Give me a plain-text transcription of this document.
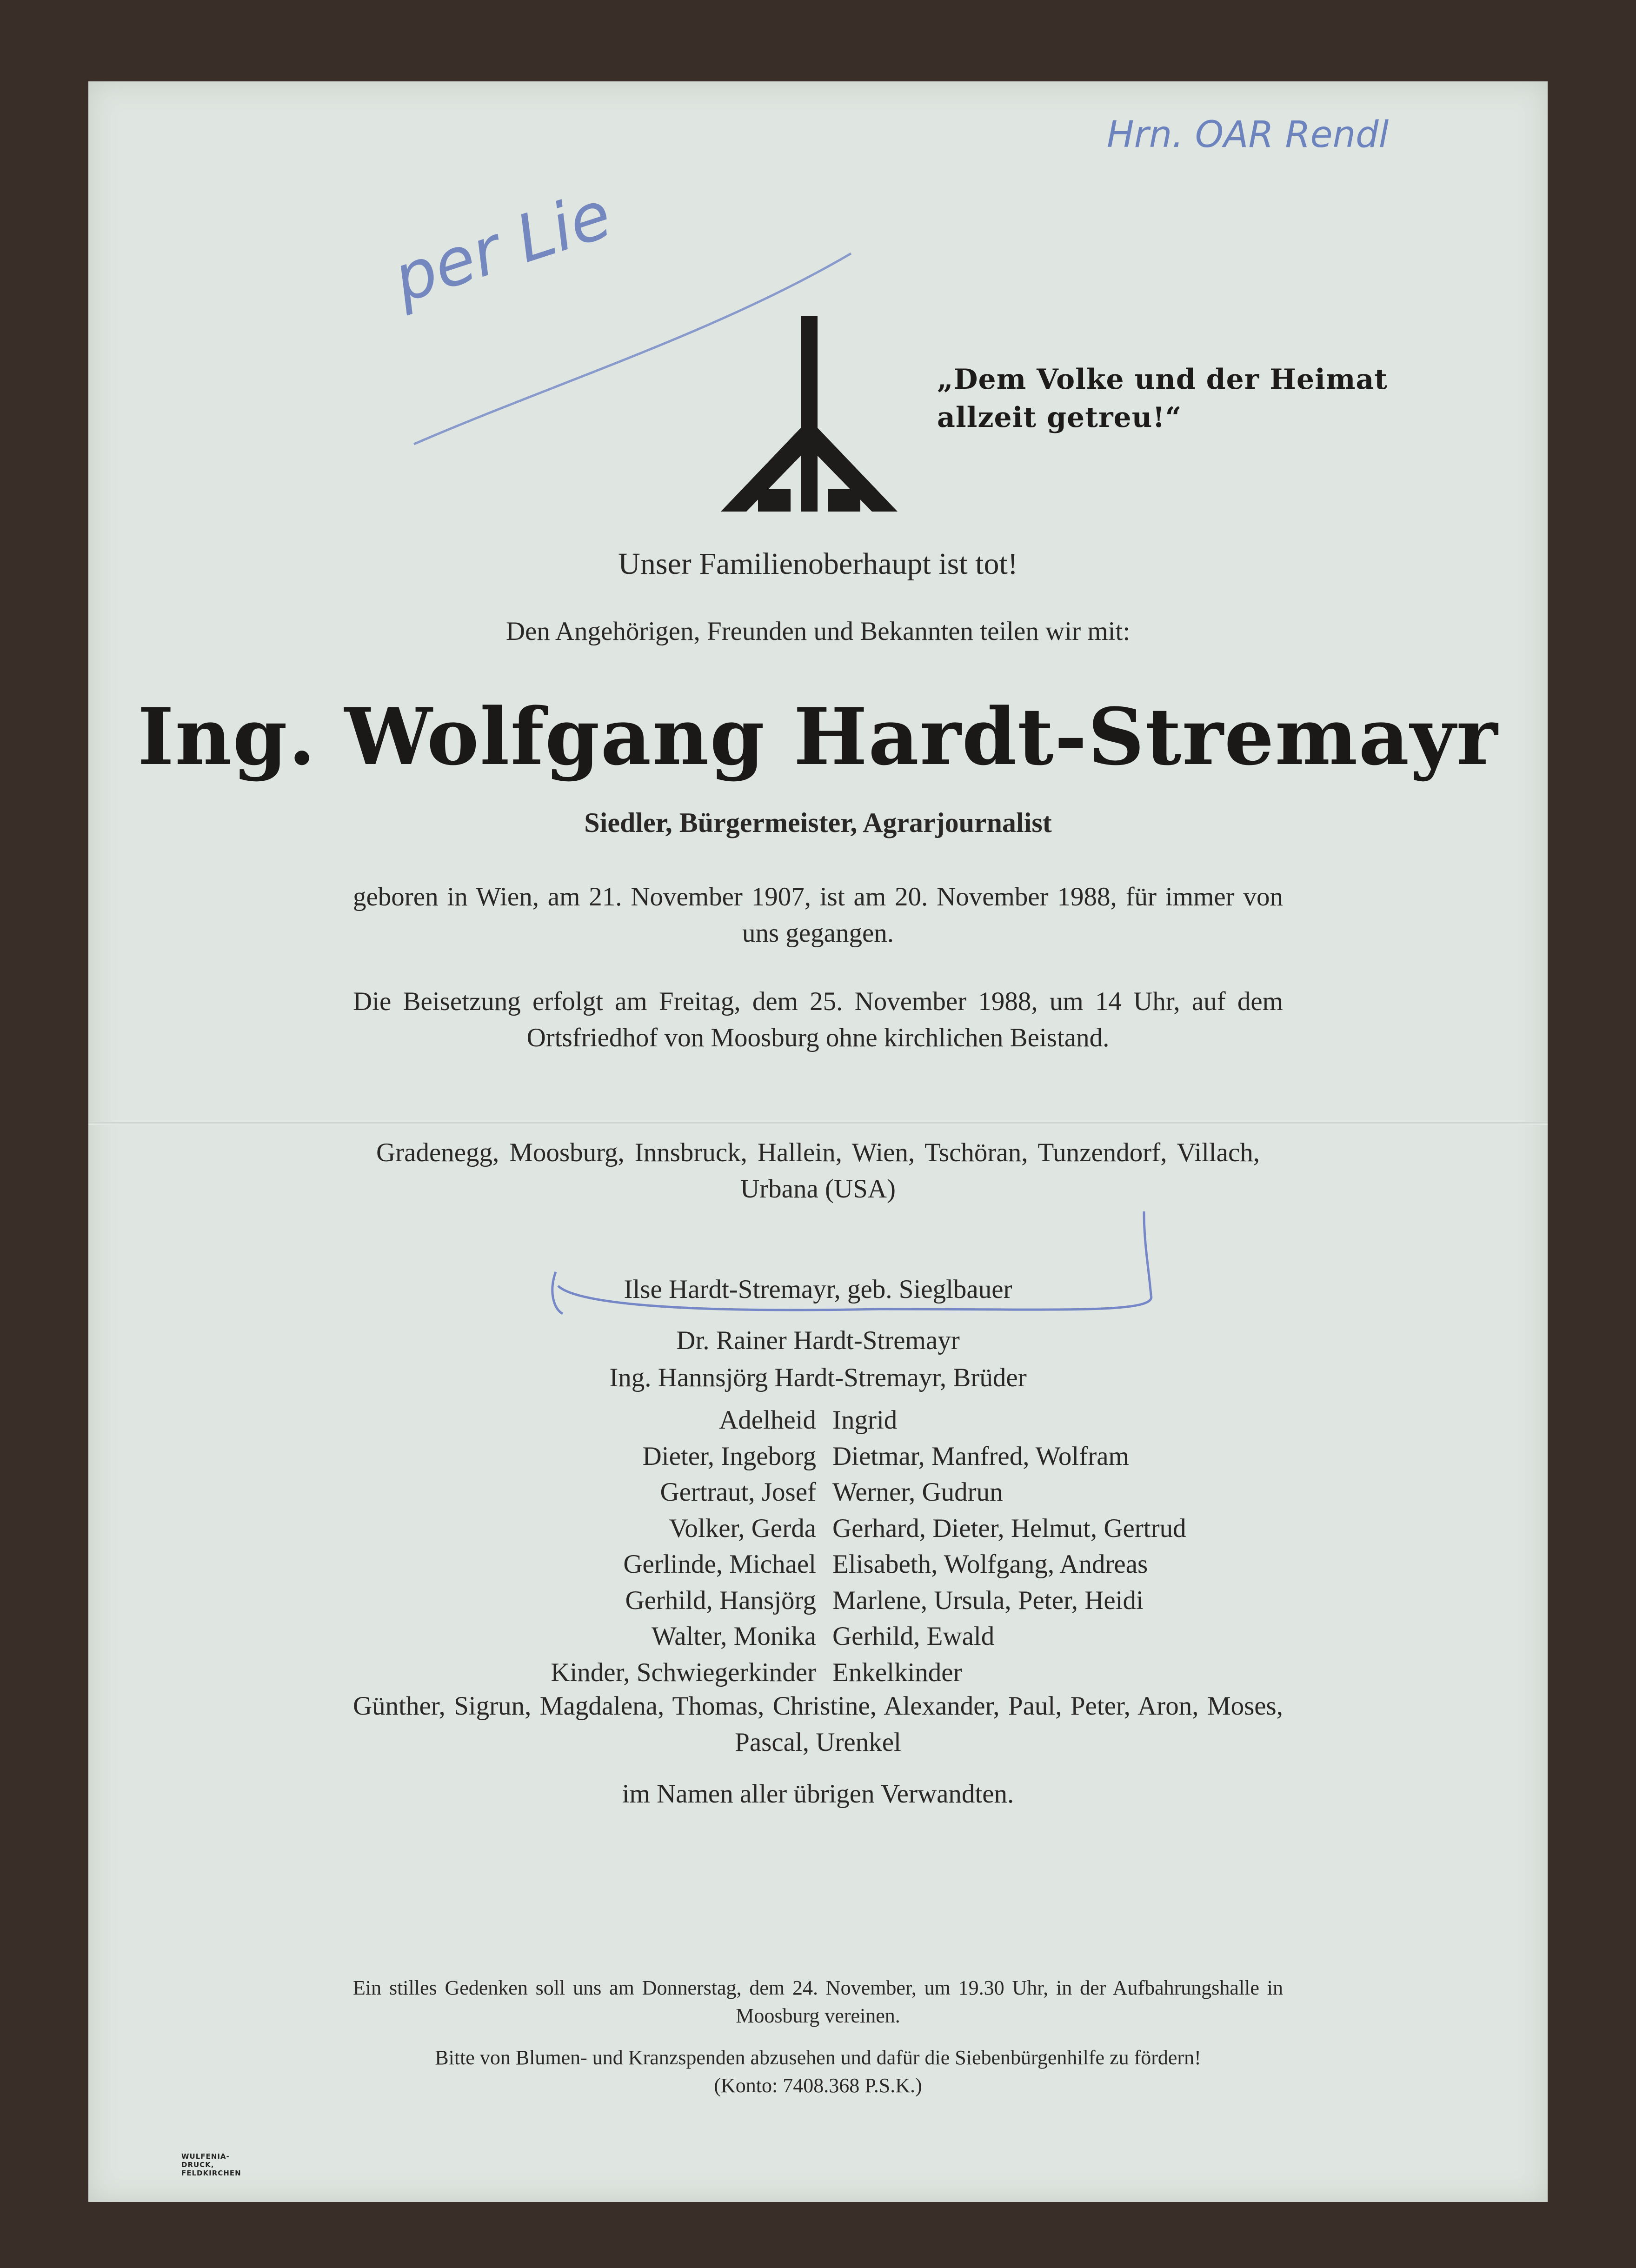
per Lie
Hrn. OAR Rendl
„Dem Volke und der Heimat
allzeit getreu!“
Unser Familienoberhaupt ist tot!
Den Angehörigen, Freunden und Bekannten teilen wir mit:
Ing. Wolfgang Hardt-Stremayr
Siedler, Bürgermeister, Agrarjournalist
geboren in Wien, am 21. November 1907, ist am 20. November 1988, für immer von uns gegangen.
Die Beisetzung erfolgt am Freitag, dem 25. November 1988, um 14 Uhr, auf dem Ortsfriedhof von Moosburg ohne kirchlichen Beistand.
Gradenegg, Moosburg, Innsbruck, Hallein, Wien, Tschöran, Tunzendorf, Villach, Urbana (USA)
Ilse Hardt-Stremayr, geb. Sieglbauer
Dr. Rainer Hardt-Stremayr
Ing. Hannsjörg Hardt-Stremayr, Brüder
Adelheid
Dieter, Ingeborg
Gertraut, Josef
Volker, Gerda
Gerlinde, Michael
Gerhild, Hansjörg
Walter, Monika
Kinder, Schwiegerkinder
Ingrid
Dietmar, Manfred, Wolfram
Werner, Gudrun
Gerhard, Dieter, Helmut, Gertrud
Elisabeth, Wolfgang, Andreas
Marlene, Ursula, Peter, Heidi
Gerhild, Ewald
Enkelkinder
Günther, Sigrun, Magdalena, Thomas, Christine, Alexander, Paul, Peter, Aron, Moses, Pascal, Urenkel
im Namen aller übrigen Verwandten.
Ein stilles Gedenken soll uns am Donnerstag, dem 24. November, um 19.30 Uhr, in der Aufbahrungshalle in Moosburg vereinen.
Bitte von Blumen- und Kranzspenden abzusehen und dafür die Siebenbürgenhilfe zu fördern!
(Konto: 7408.368 P.S.K.)
WULFENIA-DRUCK, FELDKIRCHEN
